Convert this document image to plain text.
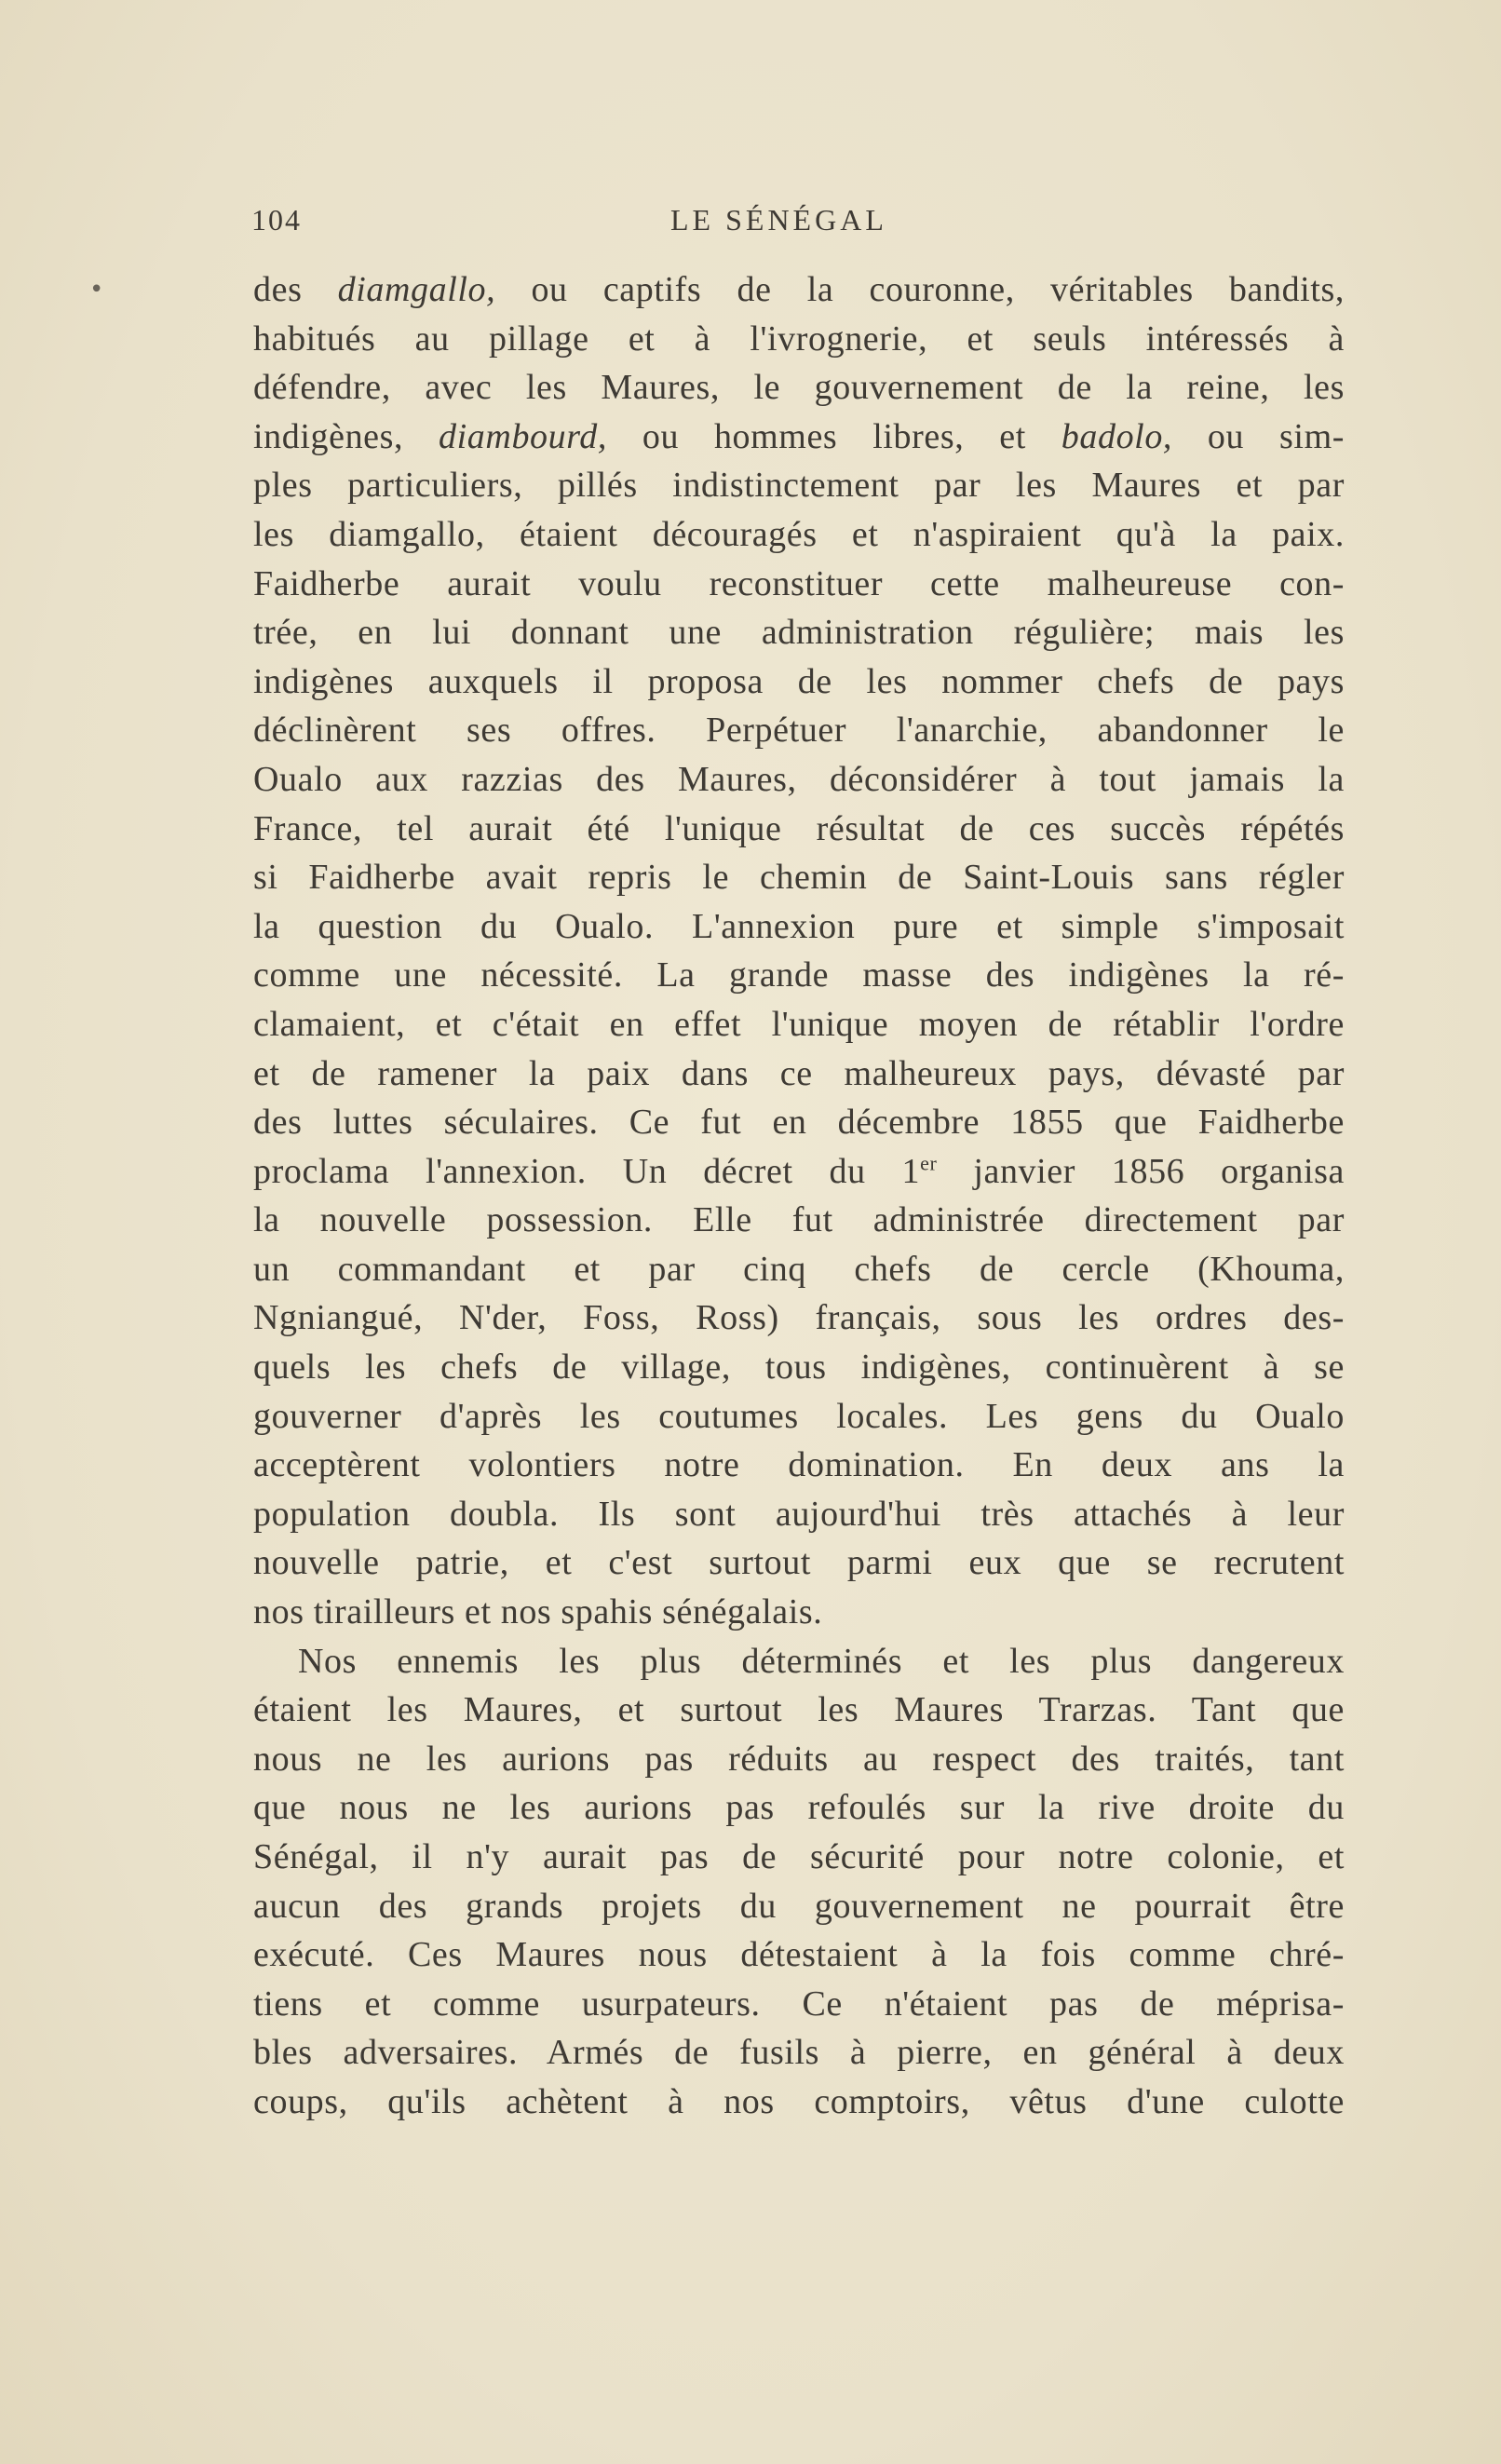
104	LE SÉNÉGAL
•	des diamgallo, ou captifs de la couronne, véritables bandits,
habitués au pillage et à l'ivrognerie, et seuls intéressés à
défendre, avec les Maures, le gouvernement de la reine, les
indigènes, diambourd, ou hommes libres, et badolo, ou sim-
ples particuliers, pillés indistinctement par les Maures et par
les diamgallo, étaient découragés et n'aspiraient qu'à la paix.
Faidherbe aurait voulu reconstituer cette malheureuse con-
trée, en lui donnant une administration régulière; mais les
indigènes auxquels il proposa de les nommer chefs de pays
déclinèrent ses offres. Perpétuer l'anarchie, abandonner le
Oualo aux razzias des Maures, déconsidérer à tout jamais la
France, tel aurait été l'unique résultat de ces succès répétés
si Faidherbe avait repris le chemin de Saint-Louis sans régler
la question du Oualo. L'annexion pure et simple s'imposait
comme une nécessité. La grande masse des indigènes la ré-
clamaient, et c'était en effet l'unique moyen de rétablir l'ordre
et de ramener la paix dans ce malheureux pays, dévasté par
des luttes séculaires. Ce fut en décembre 1855 que Faidherbe
proclama l'annexion. Un décret du 1er janvier 1856 organisa
la nouvelle possession. Elle fut administrée directement par
un commandant et par cinq chefs de cercle (Khouma,
Ngniangué, N'der, Foss, Ross) français, sous les ordres des-
quels les chefs de village, tous indigènes, continuèrent à se
gouverner d'après les coutumes locales. Les gens du Oualo
acceptèrent volontiers notre domination. En deux ans la
population doubla. Ils sont aujourd'hui très attachés à leur
nouvelle patrie, et c'est surtout parmi eux que se recrutent
nos tirailleurs et nos spahis sénégalais.
Nos ennemis les plus déterminés et les plus dangereux
étaient les Maures, et surtout les Maures Trarzas. Tant que
nous ne les aurions pas réduits au respect des traités, tant
que nous ne les aurions pas refoulés sur la rive droite du
Sénégal, il n'y aurait pas de sécurité pour notre colonie, et
aucun des grands projets du gouvernement ne pourrait être
exécuté. Ces Maures nous détestaient à la fois comme chré-
tiens et comme usurpateurs. Ce n'étaient pas de méprisa-
bles adversaires. Armés de fusils à pierre, en général à deux
coups, qu'ils achètent à nos comptoirs, vêtus d'une culotte
